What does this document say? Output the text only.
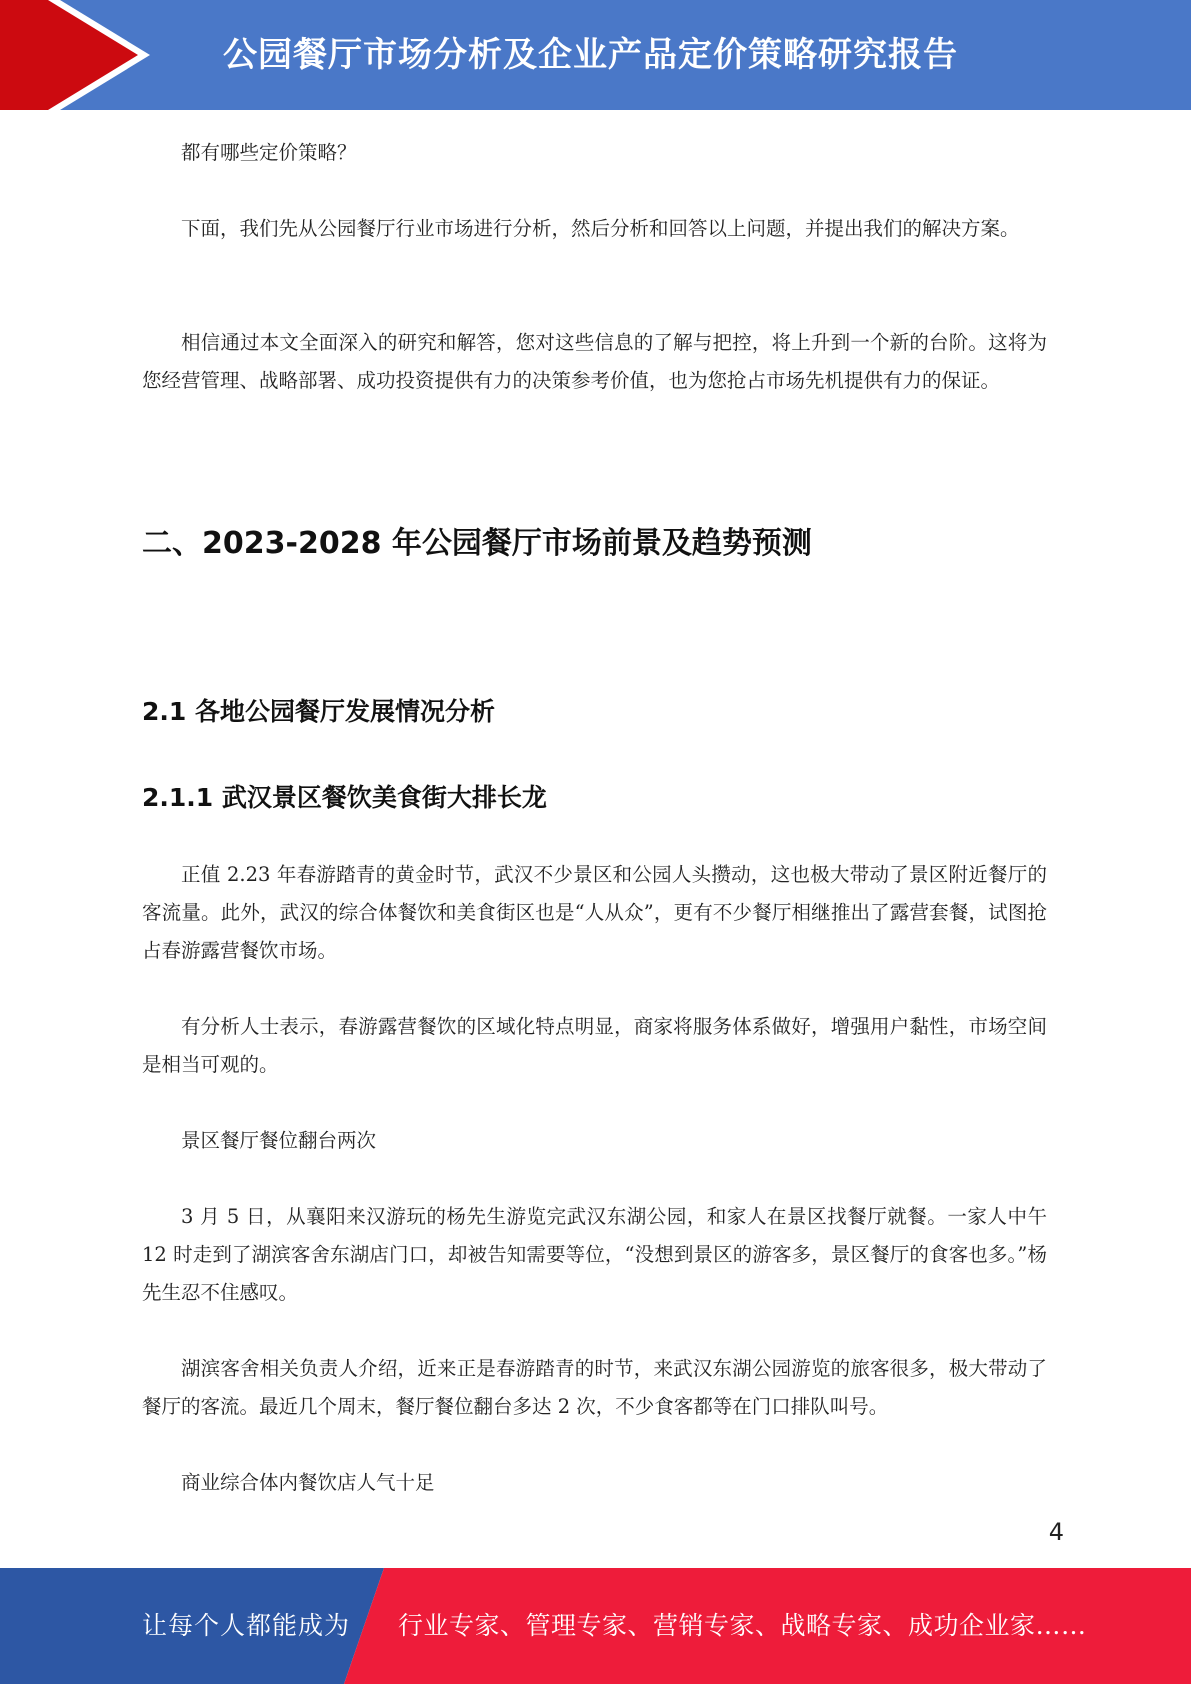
公园餐厅市场分析及企业产品定价策略研究报告
都有哪些定价策略？
下面，我们先从公园餐厅行业市场进行分析，然后分析和回答以上问题，并提出我们的解决方案。
相信通过本文全面深入的研究和解答，您对这些信息的了解与把控，将上升到一个新的台阶。这将为您经营管理、战略部署、成功投资提供有力的决策参考价值，也为您抢占市场先机提供有力的保证。
二、2023-2028 年公园餐厅市场前景及趋势预测
2.1 各地公园餐厅发展情况分析
2.1.1 武汉景区餐饮美食街大排长龙
正值 2.23 年春游踏青的黄金时节，武汉不少景区和公园人头攒动，这也极大带动了景区附近餐厅的客流量。此外，武汉的综合体餐饮和美食街区也是“人从众”，更有不少餐厅相继推出了露营套餐，试图抢占春游露营餐饮市场。
有分析人士表示，春游露营餐饮的区域化特点明显，商家将服务体系做好，增强用户黏性，市场空间是相当可观的。
景区餐厅餐位翻台两次
3 月 5 日，从襄阳来汉游玩的杨先生游览完武汉东湖公园，和家人在景区找餐厅就餐。一家人中午 12 时走到了湖滨客舍东湖店门口，却被告知需要等位，“没想到景区的游客多，景区餐厅的食客也多。”杨先生忍不住感叹。
湖滨客舍相关负责人介绍，近来正是春游踏青的时节，来武汉东湖公园游览的旅客很多，极大带动了餐厅的客流。最近几个周末，餐厅餐位翻台多达 2 次，不少食客都等在门口排队叫号。
商业综合体内餐饮店人气十足
4
让每个人都能成为 行业专家、管理专家、营销专家、战略专家、成功企业家……
